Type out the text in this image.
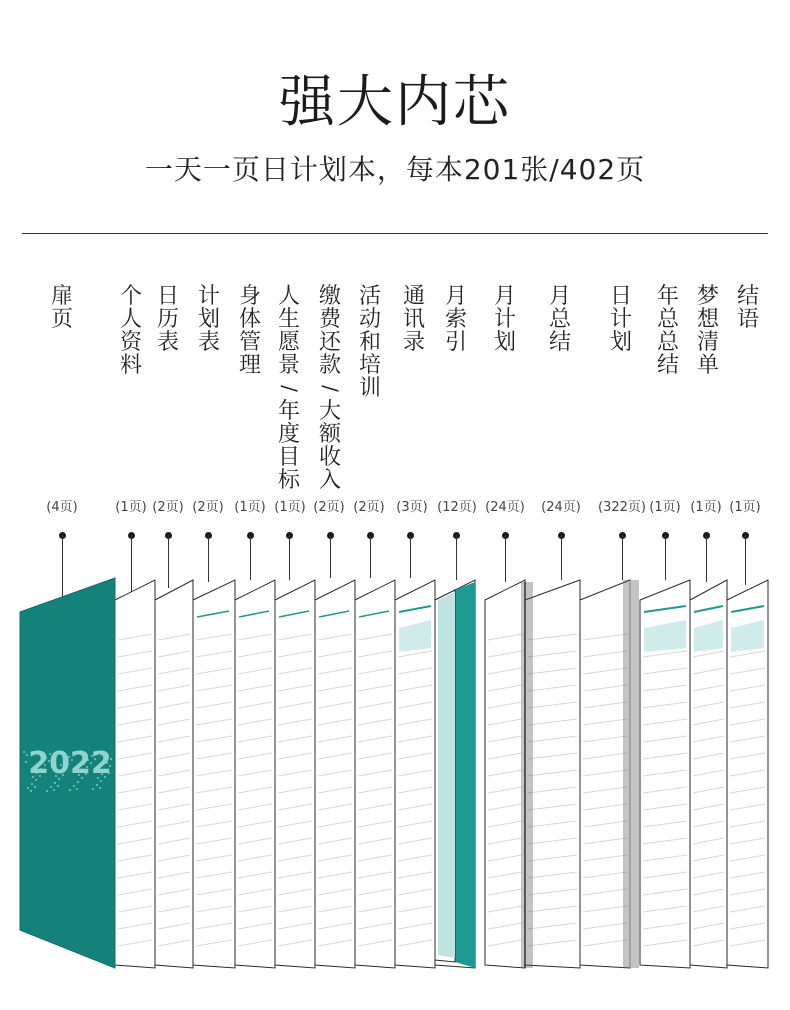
强大内芯
一天一页日计划本，每本201张/402页
扉
页
(4页)
个
人
资
料
(1页)
日
历
表
(2页)
计
划
表
(2页)
身
体
管
理
(1页)
人
生
愿
景
/
年
度
目
标
(1页)
缴
费
还
款
/
大
额
收
入
(2页)
活
动
和
培
训
(2页)
通
讯
录
(3页)
月
索
引
(12页)
月
计
划
(24页)
月
总
结
(24页)
日
计
划
(322页)
年
总
总
结
(1页)
梦
想
清
单
(1页)
结
语
(1页)
2022
